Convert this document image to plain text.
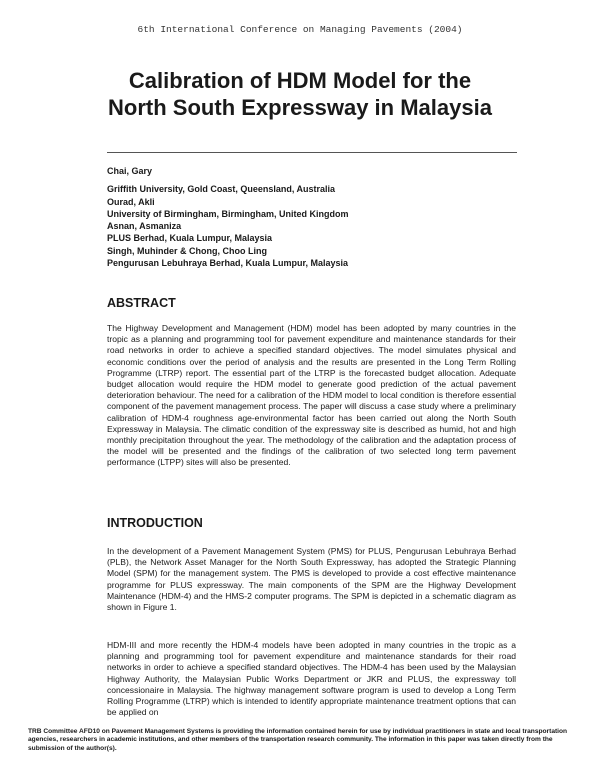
6th International Conference on Managing Pavements (2004)
Calibration of HDM Model for the North South Expressway in Malaysia
Chai, Gary
Griffith University, Gold Coast, Queensland, Australia
Ourad, Akli
University of Birmingham, Birmingham, United Kingdom
Asnan, Asmaniza
PLUS Berhad, Kuala Lumpur, Malaysia
Singh, Muhinder & Chong, Choo Ling
Pengurusan Lebuhraya Berhad, Kuala Lumpur, Malaysia
ABSTRACT

The Highway Development and Management (HDM) model has been adopted by many countries in the tropic as a planning and programming tool for pavement expenditure and maintenance standards for their road networks in order to achieve a specified standard objectives. The model simulates physical and economic conditions over the period of analysis and the results are presented in the Long Term Rolling Programme (LTRP) report. The essential part of the LTRP is the forecasted budget allocation. Adequate budget allocation would require the HDM model to generate good prediction of the actual pavement deterioration behaviour. The need for a calibration of the HDM model to local condition is therefore essential component of the pavement management process. The paper will discuss a case study where a preliminary calibration of HDM-4 roughness age-environmental factor has been carried out along the North South Expressway in Malaysia. The climatic condition of the expressway site is described as humid, hot and high monthly precipitation throughout the year. The methodology of the calibration and the adaptation process of the model will be presented and the findings of the calibration of two selected long term pavement performance (LTPP) sites will also be presented.

INTRODUCTION

In the development of a Pavement Management System (PMS) for PLUS, Pengurusan Lebuhraya Berhad (PLB), the Network Asset Manager for the North South Expressway, has adopted the Strategic Planning Model (SPM) for the management system. The PMS is developed to provide a cost effective maintenance programme for PLUS expressway. The main components of the SPM are the Highway Development Maintenance (HDM-4) and the HMS-2 computer programs. The SPM is depicted in a schematic diagram as shown in Figure 1.

HDM-III and more recently the HDM-4 models have been adopted in many countries in the tropic as a planning and programming tool for pavement expenditure and maintenance standards for their road networks in order to achieve a specified standard objectives. The HDM-4 has been used by the Malaysian Highway Authority, the Malaysian Public Works Department or JKR and PLUS, the expressway toll concessionaire in Malaysia. The highway management software program is used to develop a Long Term Rolling Programme (LTRP) which is intended to identify appropriate maintenance treatment options that can be applied on

TRB Committee AFD10 on Pavement Management Systems is providing the information contained herein for use by individual practitioners in state and local transportation agencies, researchers in academic institutions, and other members of the transportation research community. The information in this paper was taken directly from the submission of the author(s).
